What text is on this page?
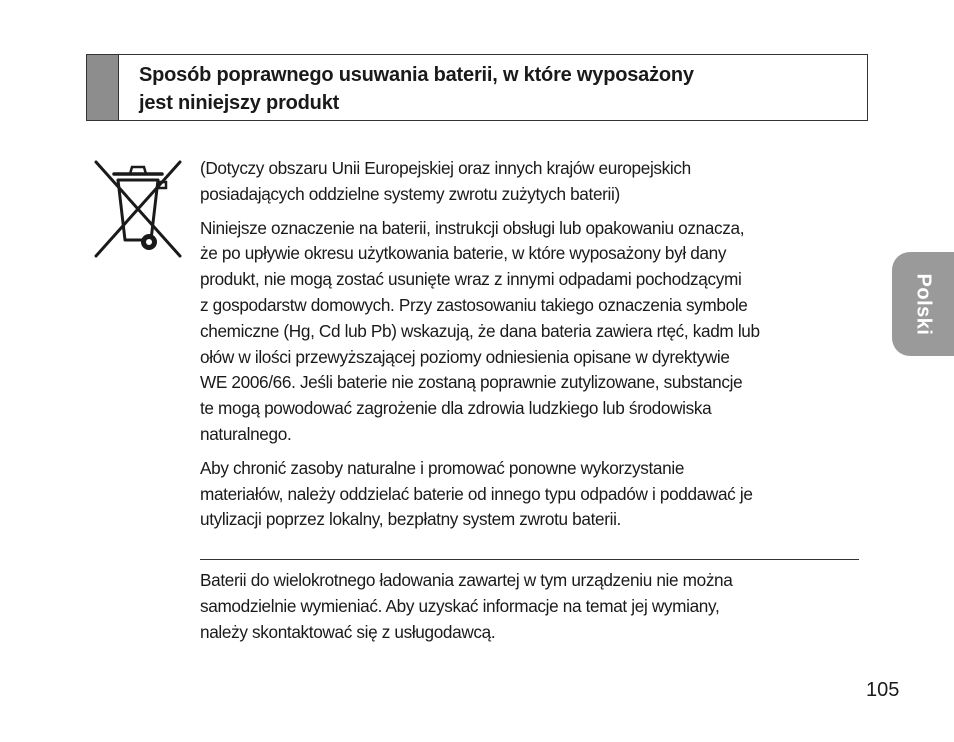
Sposób poprawnego usuwania baterii, w które wyposażony
jest niniejszy produkt

(Dotyczy obszaru Unii Europejskiej oraz innych krajów europejskich
posiadających oddzielne systemy zwrotu zużytych baterii)

Niniejsze oznaczenie na baterii, instrukcji obsługi lub opakowaniu oznacza,
że po upływie okresu użytkowania baterie, w które wyposażony był dany
produkt, nie mogą zostać usunięte wraz z innymi odpadami pochodzącymi
z gospodarstw domowych. Przy zastosowaniu takiego oznaczenia symbole
chemiczne (Hg, Cd lub Pb) wskazują, że dana bateria zawiera rtęć, kadm lub
ołów w ilości przewyższającej poziomy odniesienia opisane w dyrektywie
WE 2006/66. Jeśli baterie nie zostaną poprawnie zutylizowane, substancje
te mogą powodować zagrożenie dla zdrowia ludzkiego lub środowiska
naturalnego.

Aby chronić zasoby naturalne i promować ponowne wykorzystanie
materiałów, należy oddzielać baterie od innego typu odpadów i poddawać je
utylizacji poprzez lokalny, bezpłatny system zwrotu baterii.

Baterii do wielokrotnego ładowania zawartej w tym urządzeniu nie można
samodzielnie wymieniać. Aby uzyskać informacje na temat jej wymiany,
należy skontaktować się z usługodawcą.
Polski
105
